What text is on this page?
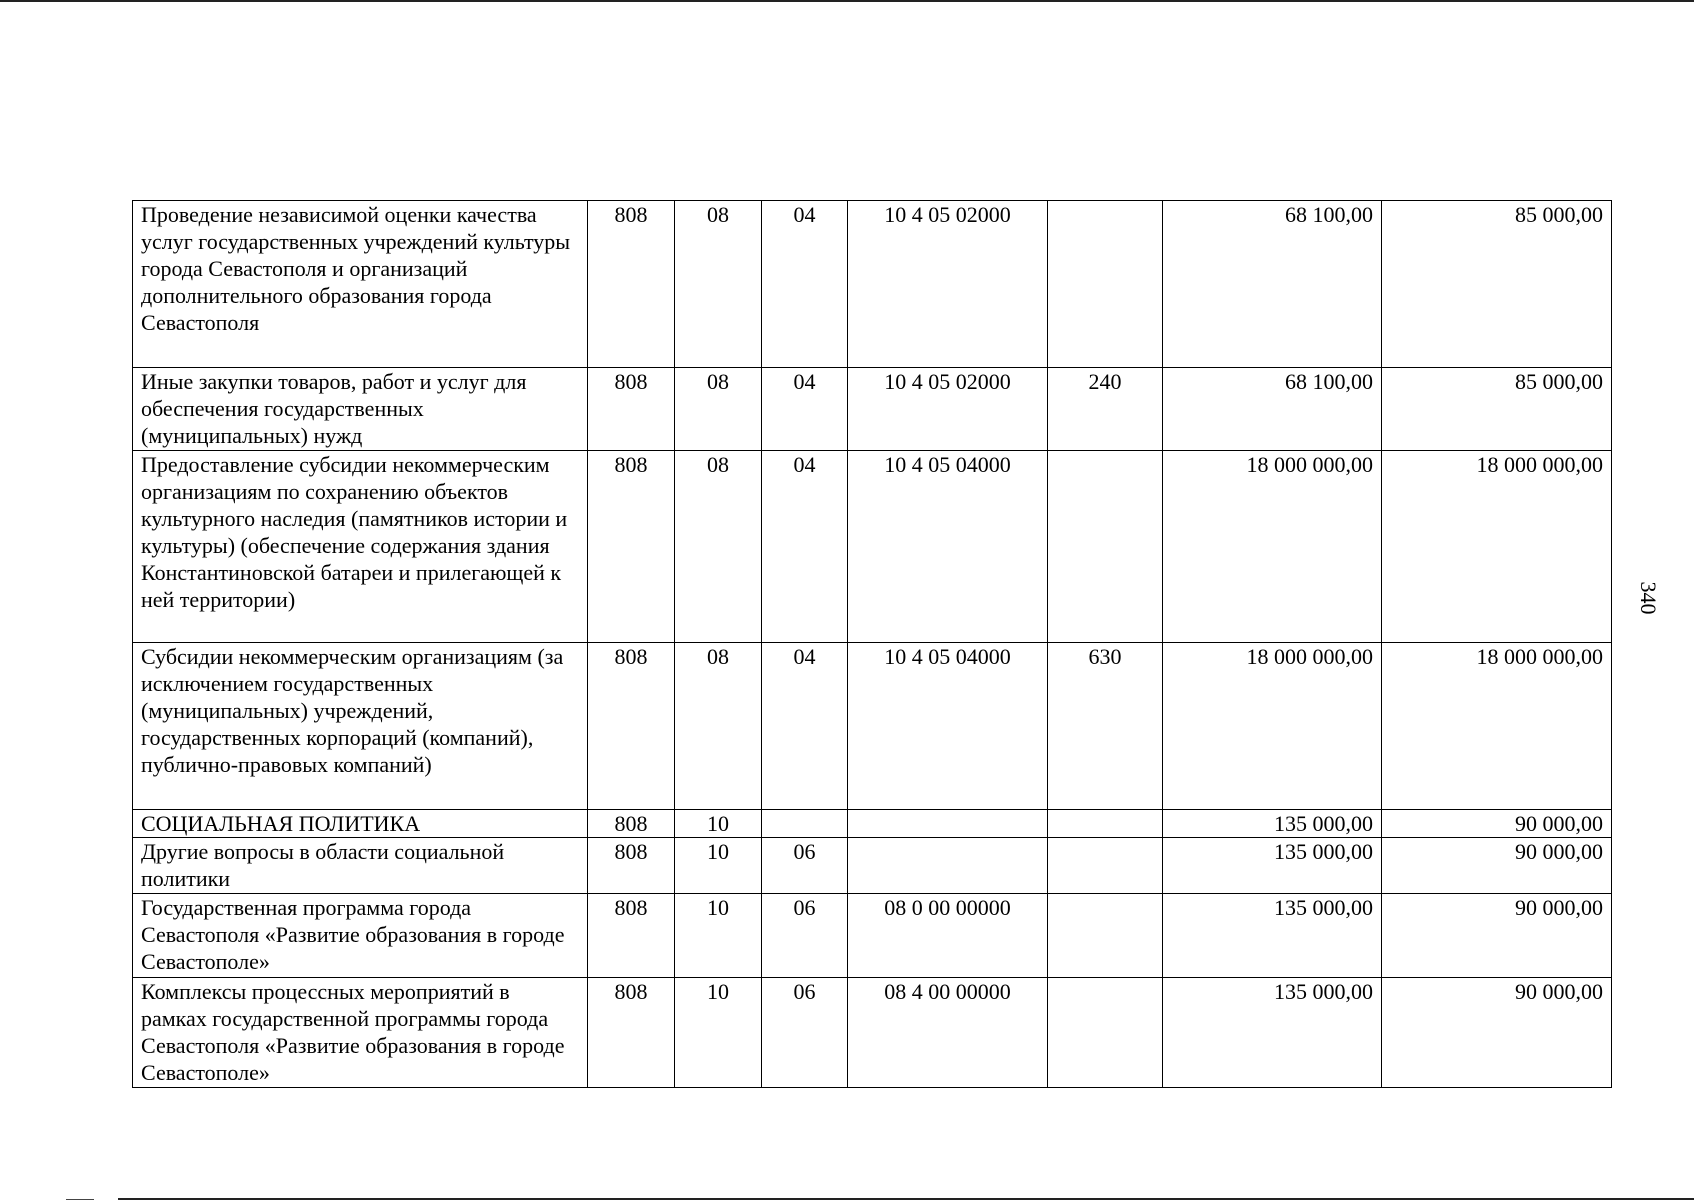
Проведение независимой оценки качества услуг государственных учреждений культуры города Севастополя и организаций дополнительного образования города Севастополя	808	08	04	10 4 05 02000		68 100,00	85 000,00
Иные закупки товаров, работ и услуг для обеспечения государственных (муниципальных) нужд	808	08	04	10 4 05 02000	240	68 100,00	85 000,00
Предоставление субсидии некоммерческим организациям по сохранению объектов культурного наследия (памятников истории и культуры) (обеспечение содержания здания Константиновской батареи и прилегающей к ней территории)	808	08	04	10 4 05 04000		18 000 000,00	18 000 000,00
Субсидии некоммерческим организациям (за исключением государственных (муниципальных) учреждений, государственных корпораций (компаний), публично-правовых компаний)	808	08	04	10 4 05 04000	630	18 000 000,00	18 000 000,00
СОЦИАЛЬНАЯ ПОЛИТИКА	808	10				135 000,00	90 000,00
Другие вопросы в области социальной политики	808	10	06			135 000,00	90 000,00
Государственная программа города Севастополя «Развитие образования в городе Севастополе»	808	10	06	08 0 00 00000		135 000,00	90 000,00
Комплексы процессных мероприятий в рамках государственной программы города Севастополя «Развитие образования в городе Севастополе»	808	10	06	08 4 00 00000		135 000,00	90 000,00
340
